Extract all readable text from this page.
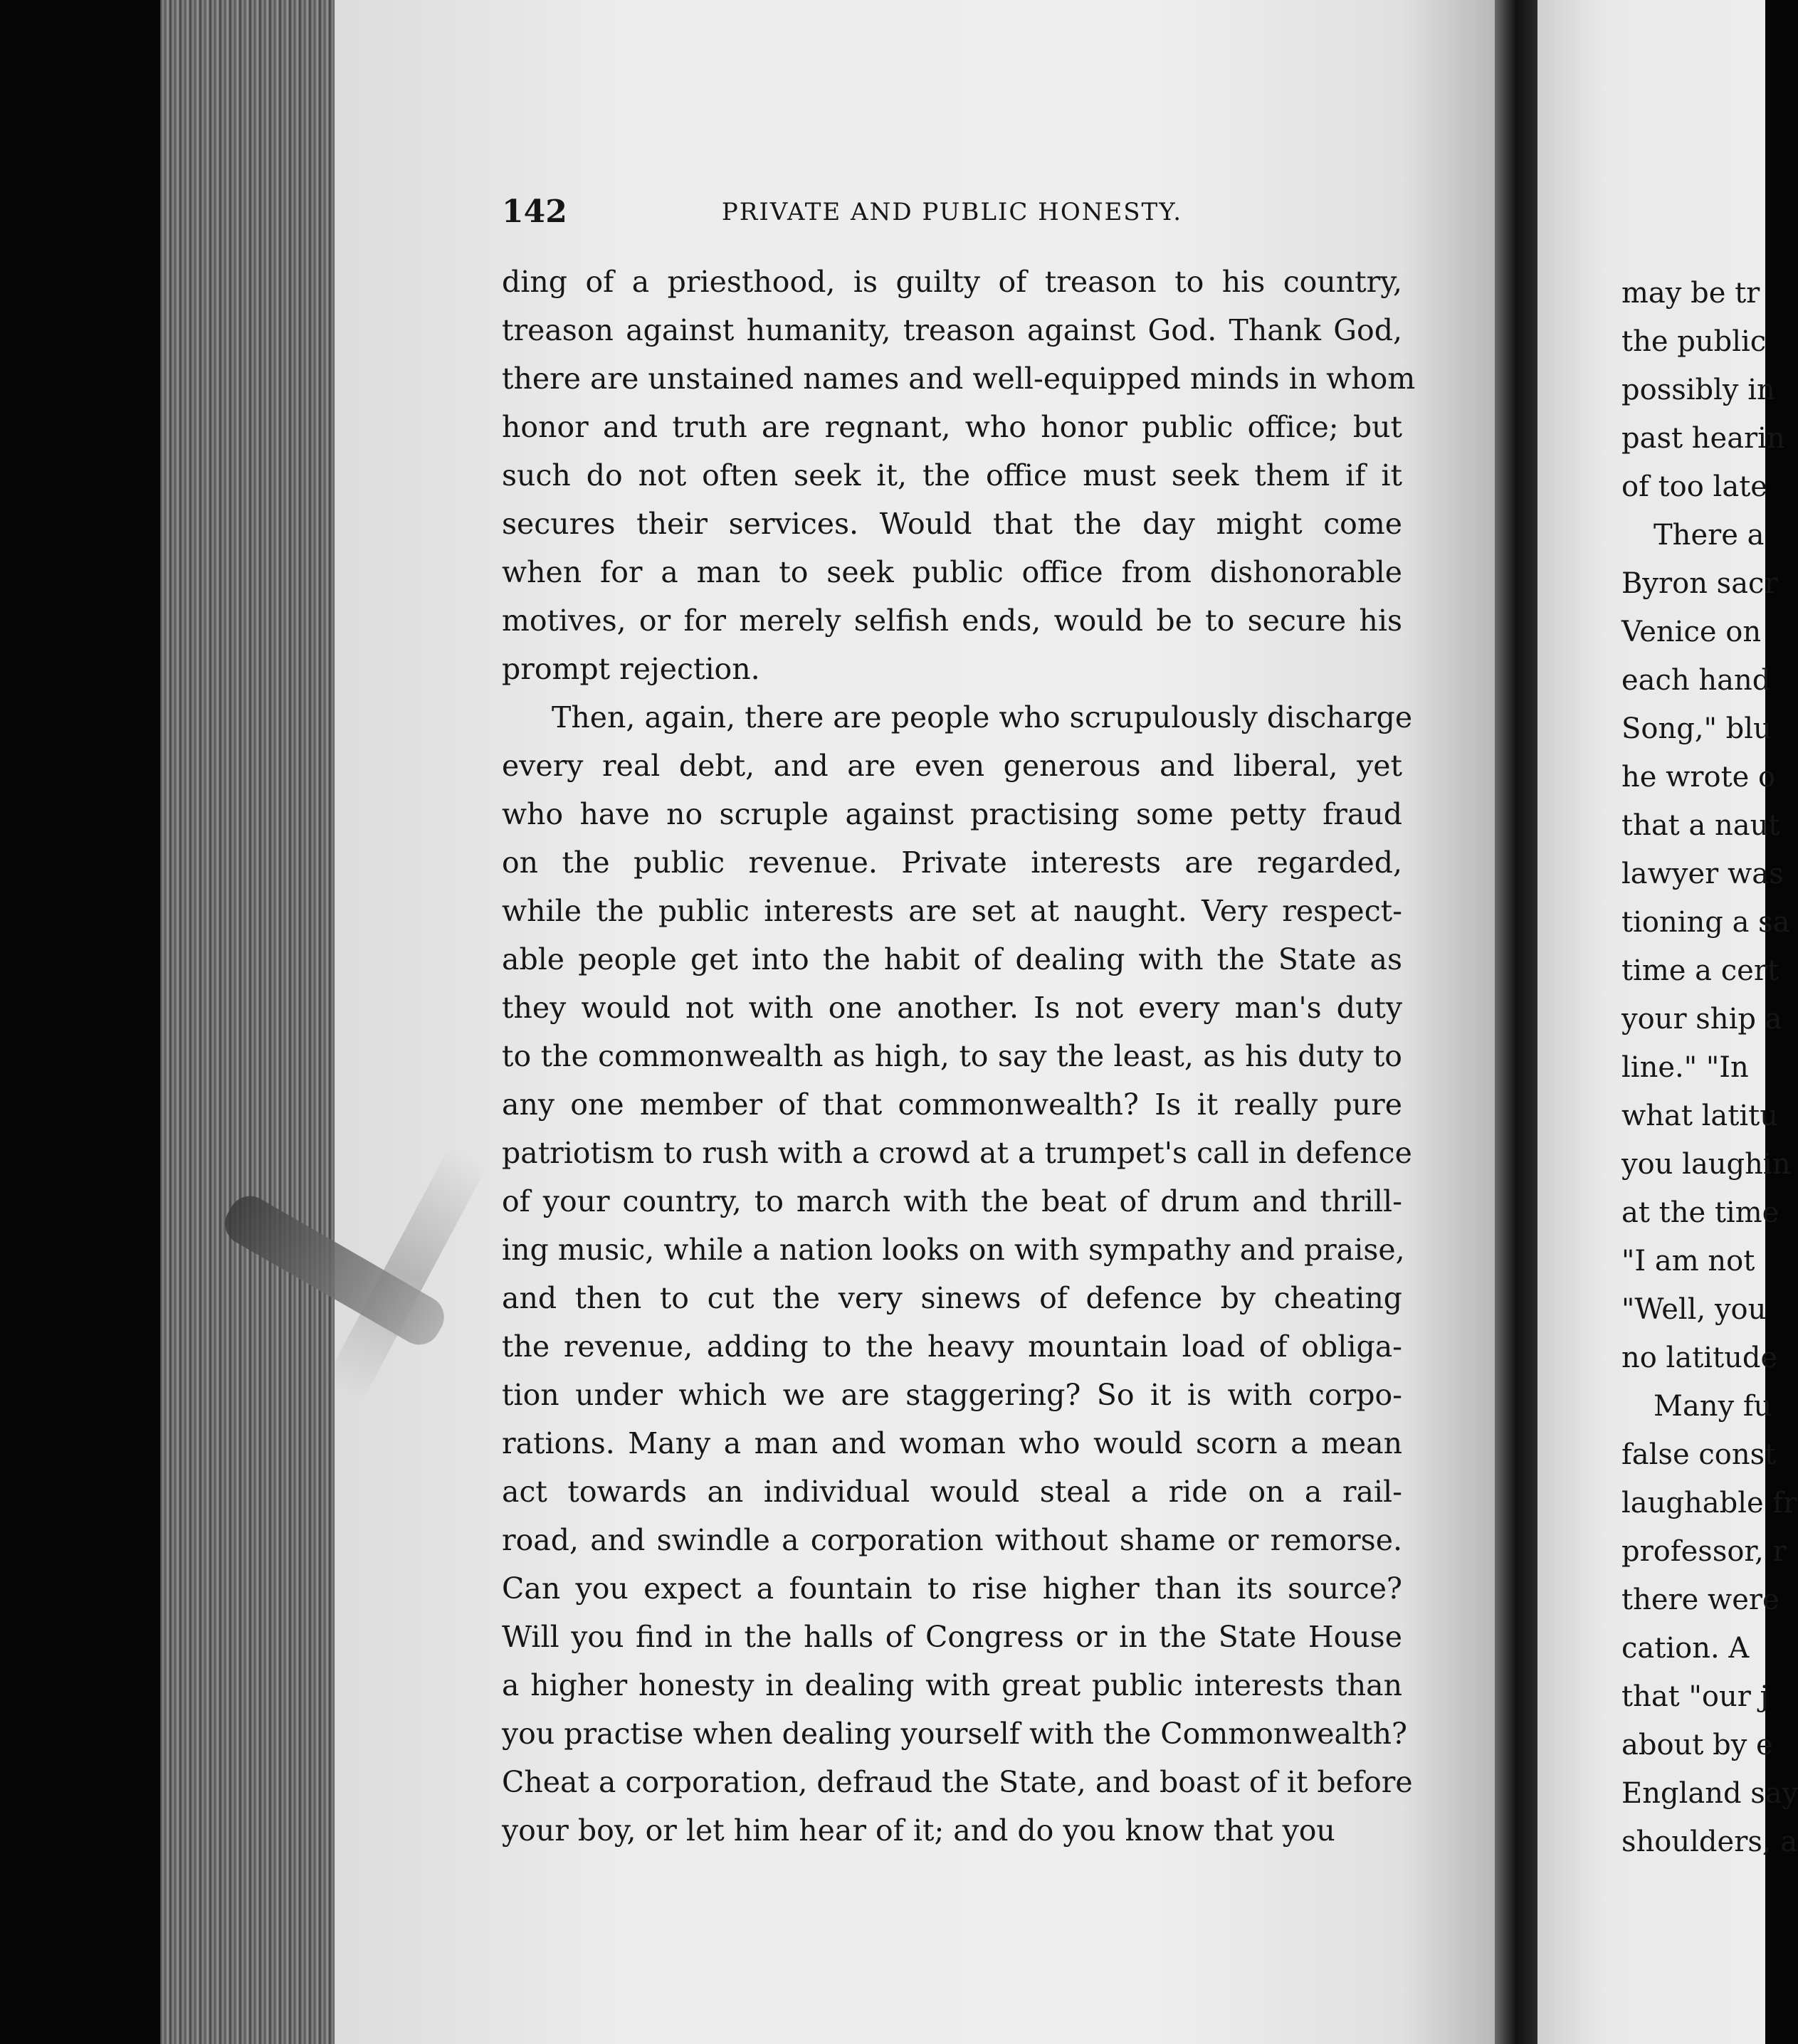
142	PRIVATE AND PUBLIC HONESTY.
ding of a priesthood, is guilty of treason to his country,
treason against humanity, treason against God. Thank God,
there are unstained names and well-equipped minds in whom
honor and truth are regnant, who honor public office; but
such do not often seek it, the office must seek them if it
secures their services. Would that the day might come
when for a man to seek public office from dishonorable
motives, or for merely selfish ends, would be to secure his
prompt rejection.
Then, again, there are people who scrupulously discharge
every real debt, and are even generous and liberal, yet
who have no scruple against practising some petty fraud
on the public revenue. Private interests are regarded,
while the public interests are set at naught. Very respect-
able people get into the habit of dealing with the State as
they would not with one another. Is not every man's duty
to the commonwealth as high, to say the least, as his duty to
any one member of that commonwealth? Is it really pure
patriotism to rush with a crowd at a trumpet's call in defence
of your country, to march with the beat of drum and thrill-
ing music, while a nation looks on with sympathy and praise,
and then to cut the very sinews of defence by cheating
the revenue, adding to the heavy mountain load of obliga-
tion under which we are staggering? So it is with corpo-
rations. Many a man and woman who would scorn a mean
act towards an individual would steal a ride on a rail-
road, and swindle a corporation without shame or remorse.
Can you expect a fountain to rise higher than its source?
Will you find in the halls of Congress or in the State House
a higher honesty in dealing with great public interests than
you practise when dealing yourself with the Commonwealth?
Cheat a corporation, defraud the State, and boast of it before
your boy, or let him hear of it; and do you know that you
may be tr
the public
possibly in
past hearin
of too late
There a
Byron sacr
Venice on
each hand
Song," blu
he wrote o
that a naut
lawyer was
tioning a sa
time a cert
your ship a
line." "In
what latitu
you laughin
at the time
"I am not
"Well, you
no latitude
Many fu
false const
laughable fr
professor, r
there were
cation. A
that "our j
about by e
England say
shoulders, a
